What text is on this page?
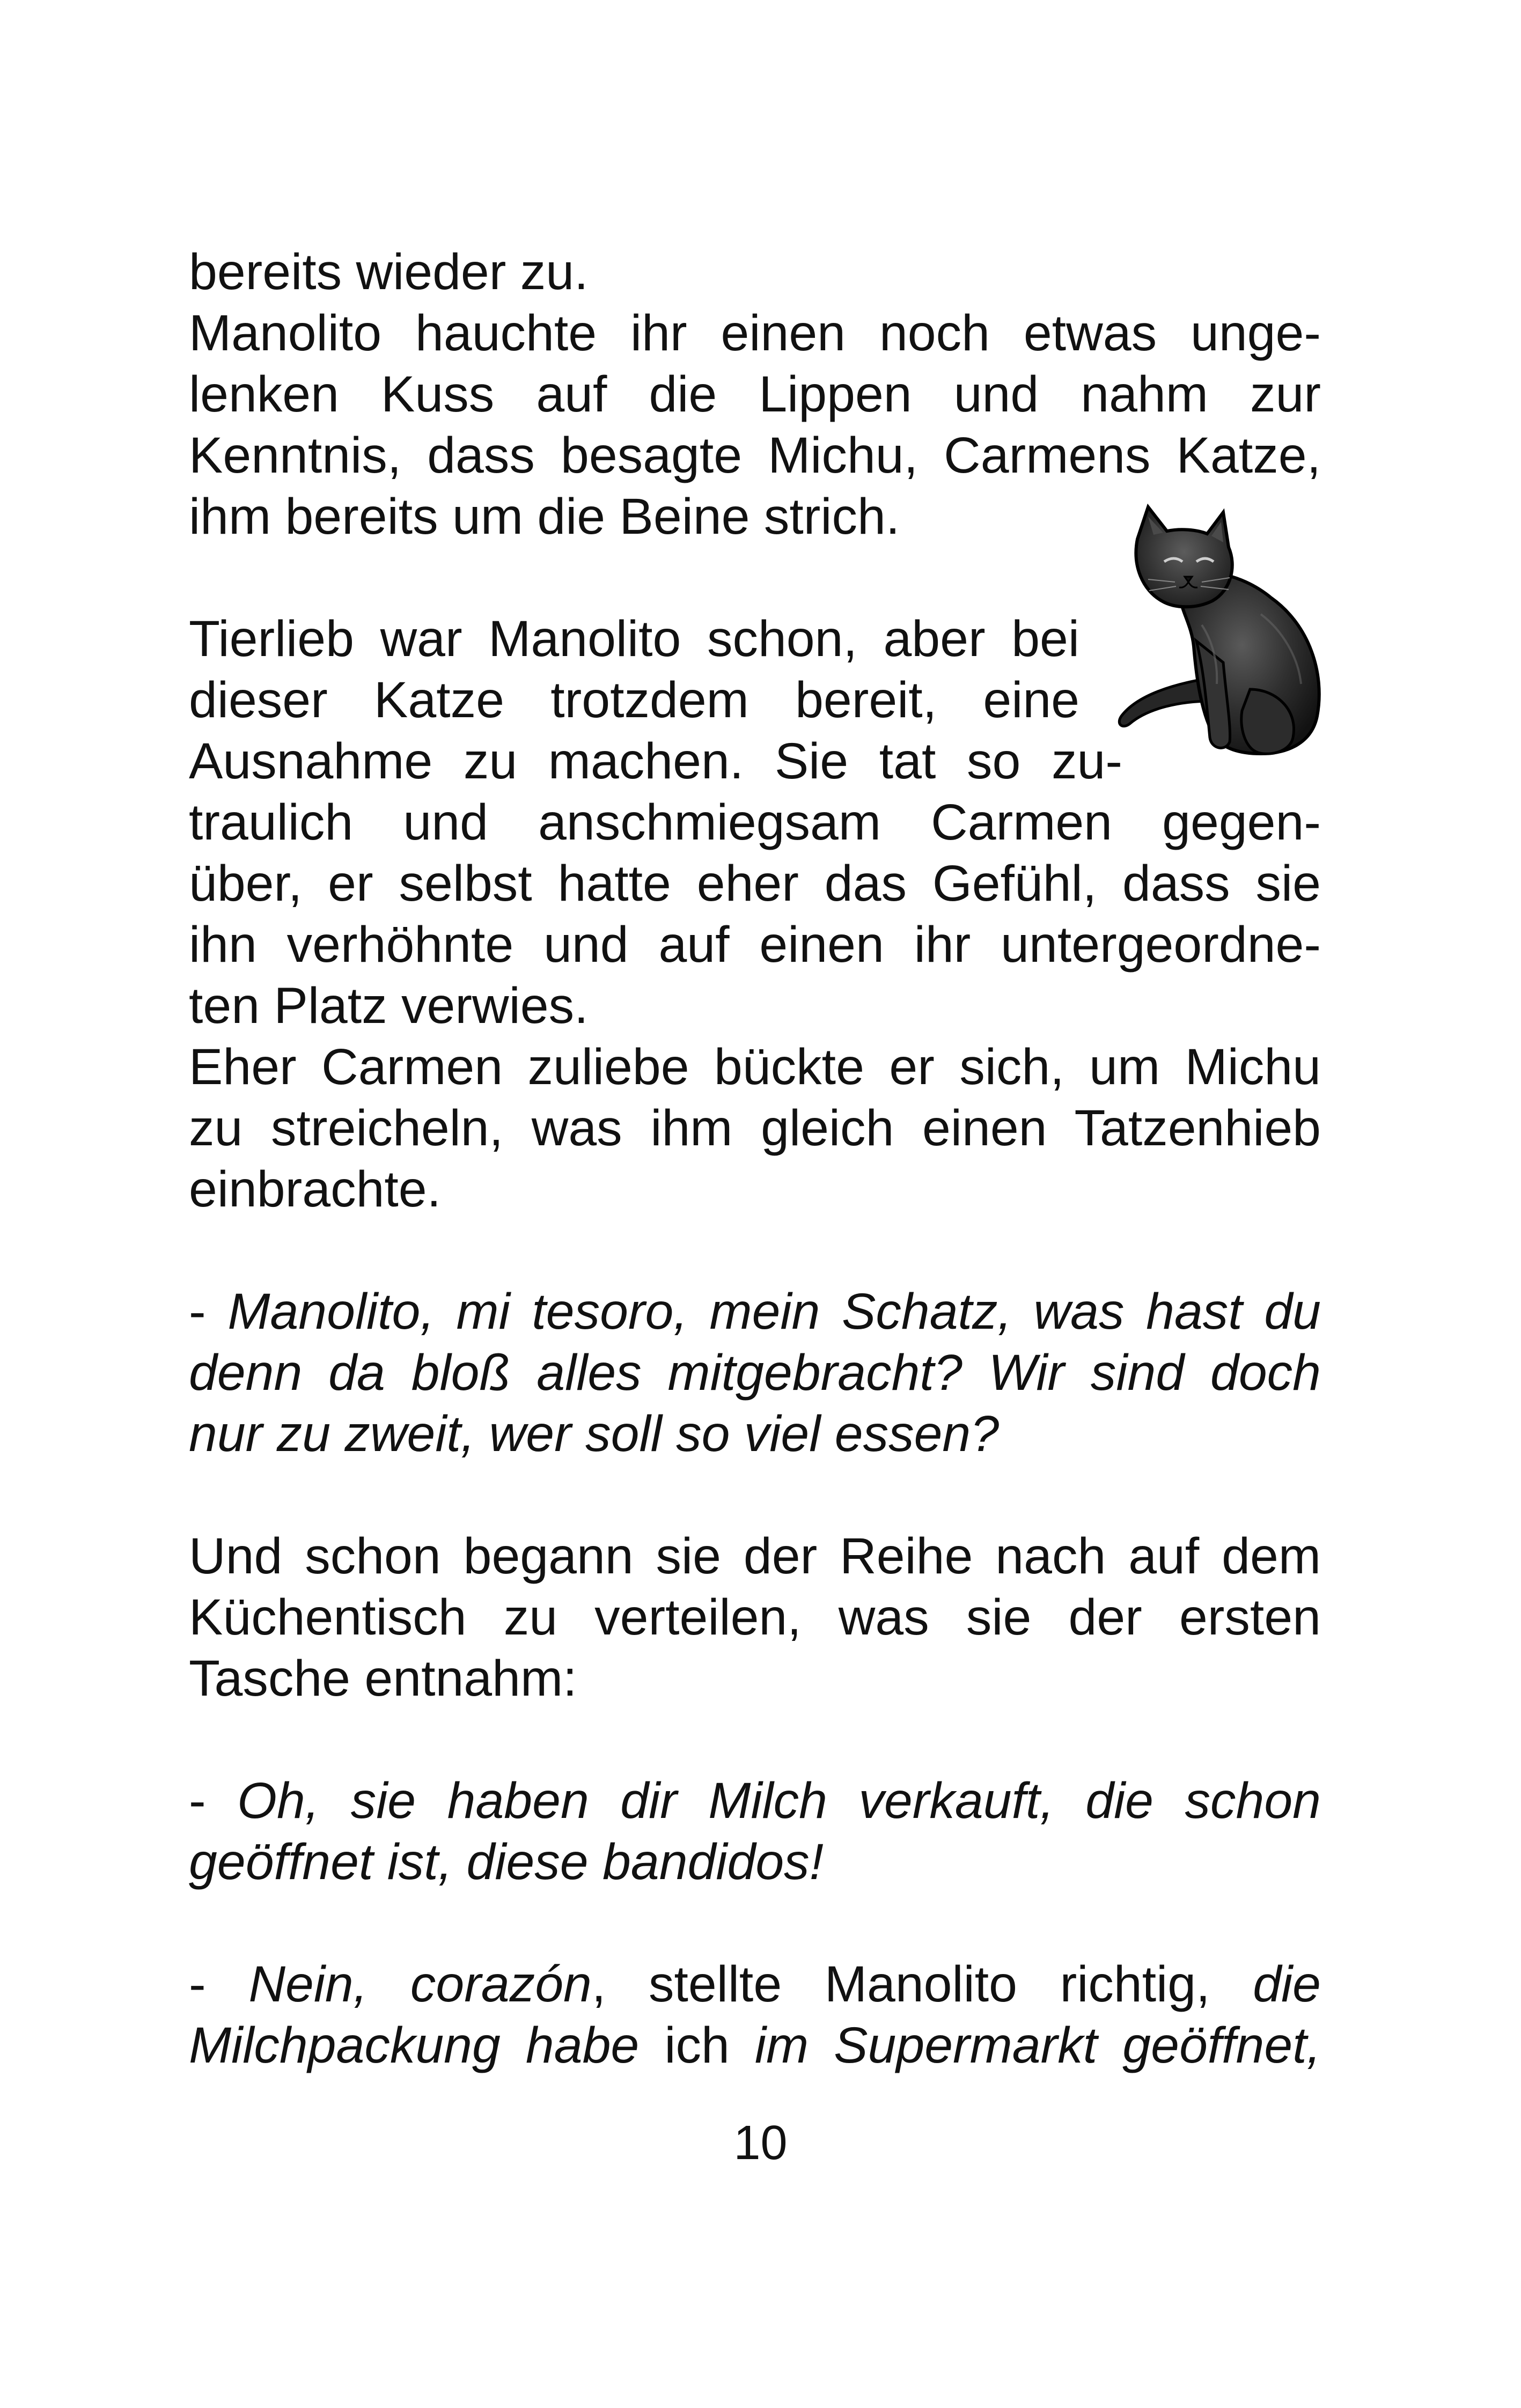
bereits wieder zu.
Manolito hauchte ihr einen noch etwas unge-
lenken Kuss auf die Lippen und nahm zur
Kenntnis, dass besagte Michu, Carmens Katze,
ihm bereits um die Beine strich.
Tierlieb war Manolito schon, aber bei
dieser Katze trotzdem bereit, eine
Ausnahme zu machen. Sie tat so zu-
traulich und anschmiegsam Carmen gegen-
über, er selbst hatte eher das Gefühl, dass sie
ihn verhöhnte und auf einen ihr untergeordne-
ten Platz verwies.
Eher Carmen zuliebe bückte er sich, um Michu
zu streicheln, was ihm gleich einen Tatzenhieb
einbrachte.
- Manolito, mi tesoro, mein Schatz, was hast du
denn da bloß alles mitgebracht? Wir sind doch
nur zu zweit, wer soll so viel essen?
Und schon begann sie der Reihe nach auf dem
Küchentisch zu verteilen, was sie der ersten
Tasche entnahm:
- Oh, sie haben dir Milch verkauft, die schon
geöffnet ist, diese bandidos!
- Nein, corazón, stellte Manolito richtig, die
Milchpackung habe ich im Supermarkt geöffnet,
10
